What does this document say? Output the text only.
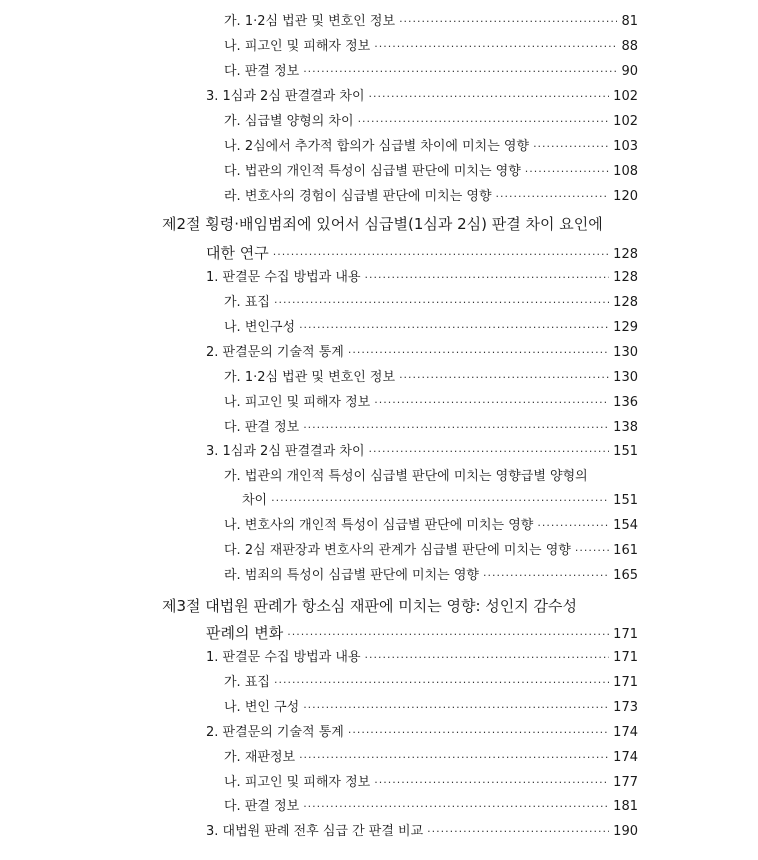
가. 1·2심 법관 및 변호인 정보 ·····	81
나. 피고인 및 피해자 정보 ·····	88
다. 판결 정보 ·····	90
3. 1심과 2심 판결결과 차이 ·····	102
가. 심급별 양형의 차이 ·····	102
나. 2심에서 추가적 합의가 심급별 차이에 미치는 영향 ·····	103
다. 법관의 개인적 특성이 심급별 판단에 미치는 영향 ·····	108
라. 변호사의 경험이 심급별 판단에 미치는 영향 ·····	120
제2절 횡령·배임범죄에 있어서 심급별(1심과 2심) 판결 차이 요인에
대한 연구 ·····	128
1. 판결문 수집 방법과 내용 ·····	128
가. 표집 ·····	128
나. 변인구성 ·····	129
2. 판결문의 기술적 통계 ·····	130
가. 1·2심 법관 및 변호인 정보 ·····	130
나. 피고인 및 피해자 정보 ·····	136
다. 판결 정보 ·····	138
3. 1심과 2심 판결결과 차이 ·····	151
가. 법관의 개인적 특성이 심급별 판단에 미치는 영향급별 양형의
차이 ·····	151
나. 변호사의 개인적 특성이 심급별 판단에 미치는 영향 ·····	154
다. 2심 재판장과 변호사의 관계가 심급별 판단에 미치는 영향 ·····	161
라. 범죄의 특성이 심급별 판단에 미치는 영향 ·····	165
제3절 대법원 판례가 항소심 재판에 미치는 영향: 성인지 감수성
판례의 변화 ·····	171
1. 판결문 수집 방법과 내용 ·····	171
가. 표집 ·····	171
나. 변인 구성 ·····	173
2. 판결문의 기술적 통계 ·····	174
가. 재판정보 ·····	174
나. 피고인 및 피해자 정보 ·····	177
다. 판결 정보 ·····	181
3. 대법원 판례 전후 심급 간 판결 비교 ·····	190
